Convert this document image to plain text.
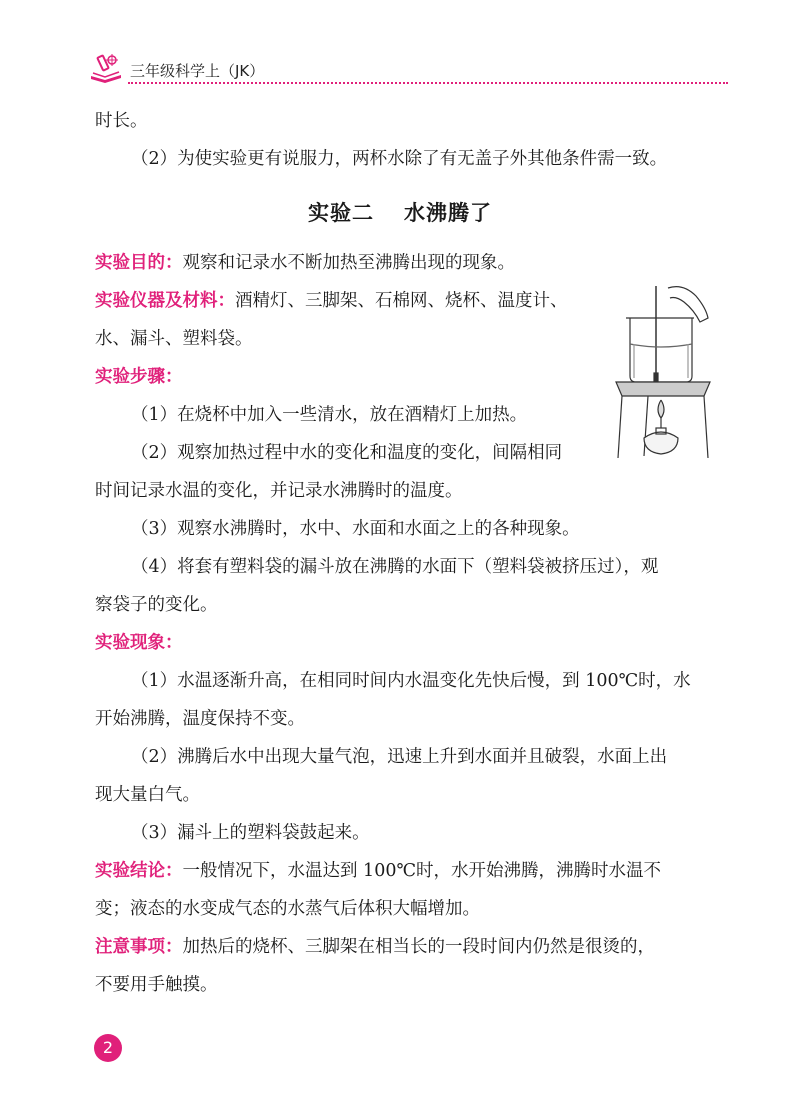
三年级科学上（JK）
时长。
（2）为使实验更有说服力，两杯水除了有无盖子外其他条件需一致。
实验二 水沸腾了
实验目的：观察和记录水不断加热至沸腾出现的现象。
实验仪器及材料：酒精灯、三脚架、石棉网、烧杯、温度计、
水、漏斗、塑料袋。
实验步骤：
（1）在烧杯中加入一些清水，放在酒精灯上加热。
（2）观察加热过程中水的变化和温度的变化，间隔相同
时间记录水温的变化，并记录水沸腾时的温度。
（3）观察水沸腾时，水中、水面和水面之上的各种现象。
（4）将套有塑料袋的漏斗放在沸腾的水面下（塑料袋被挤压过），观
察袋子的变化。
实验现象：
（1）水温逐渐升高，在相同时间内水温变化先快后慢，到 100℃时，水
开始沸腾，温度保持不变。
（2）沸腾后水中出现大量气泡，迅速上升到水面并且破裂，水面上出
现大量白气。
（3）漏斗上的塑料袋鼓起来。
实验结论：一般情况下，水温达到 100℃时，水开始沸腾，沸腾时水温不
变；液态的水变成气态的水蒸气后体积大幅增加。
注意事项：加热后的烧杯、三脚架在相当长的一段时间内仍然是很烫的，
不要用手触摸。
2
